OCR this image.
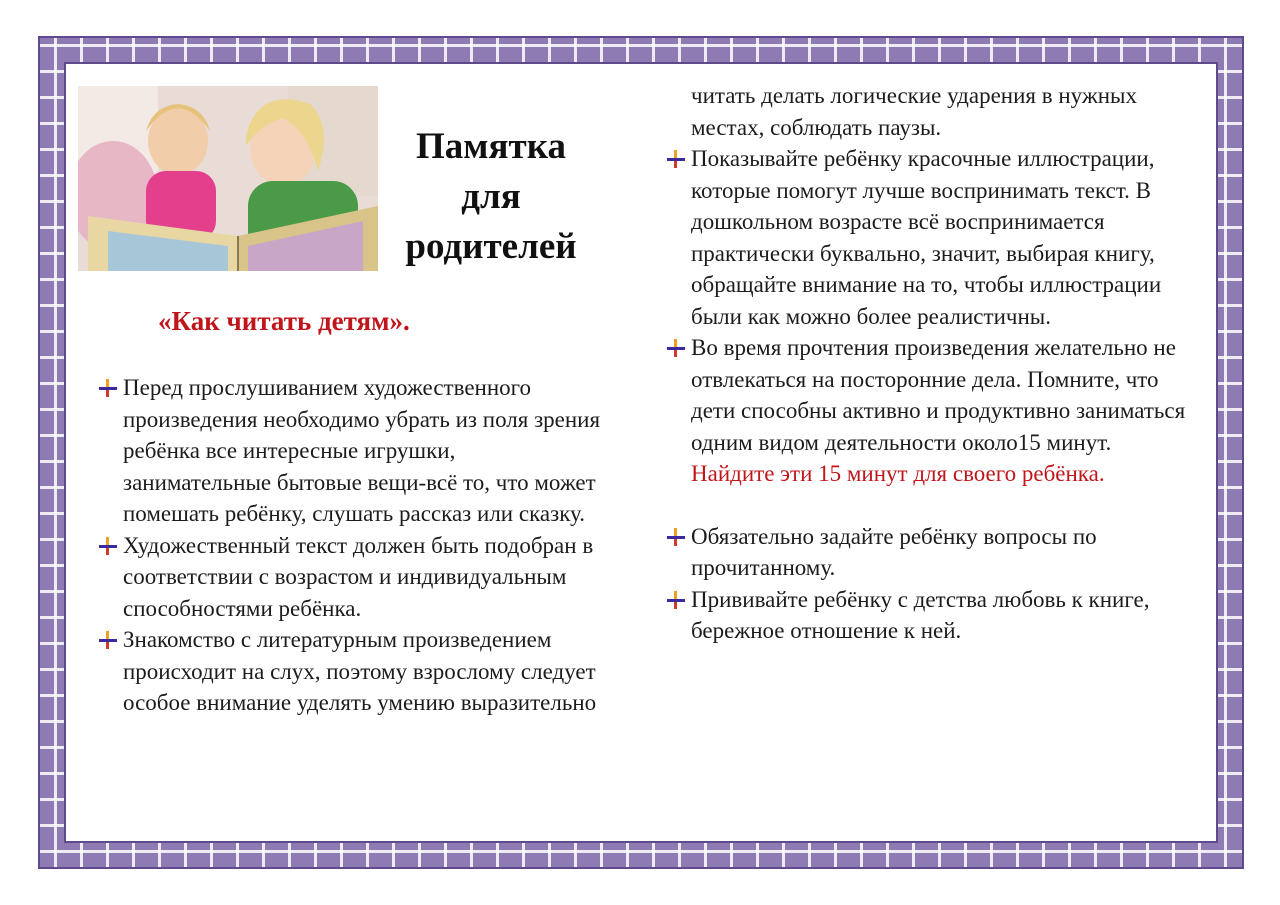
Памятка
для
родителей
«Как читать детям».
Перед прослушиванием художественного произведения необходимо убрать из поля зрения ребёнка все интересные игрушки, занимательные бытовые вещи-всё то, что может помешать ребёнку, слушать рассказ или сказку.
Художественный текст должен быть подобран в соответствии с возрастом и индивидуальным способностями ребёнка.
Знакомство с литературным произведением происходит на слух, поэтому взрослому следует особое внимание уделять умению выразительно
читать делать логические ударения в нужных местах, соблюдать паузы.
Показывайте ребёнку красочные иллюстрации, которые помогут лучше воспринимать текст. В дошкольном возрасте всё воспринимается практически буквально, значит, выбирая книгу, обращайте внимание на то, чтобы иллюстрации были как можно более реалистичны.
Во время прочтения произведения желательно не отвлекаться на посторонние дела. Помните, что дети способны активно и продуктивно заниматься одним видом деятельности около15 минут. Найдите эти 15 минут для своего ребёнка.
Обязательно задайте ребёнку вопросы по прочитанному.
Прививайте ребёнку с детства любовь к книге, бережное отношение к ней.
